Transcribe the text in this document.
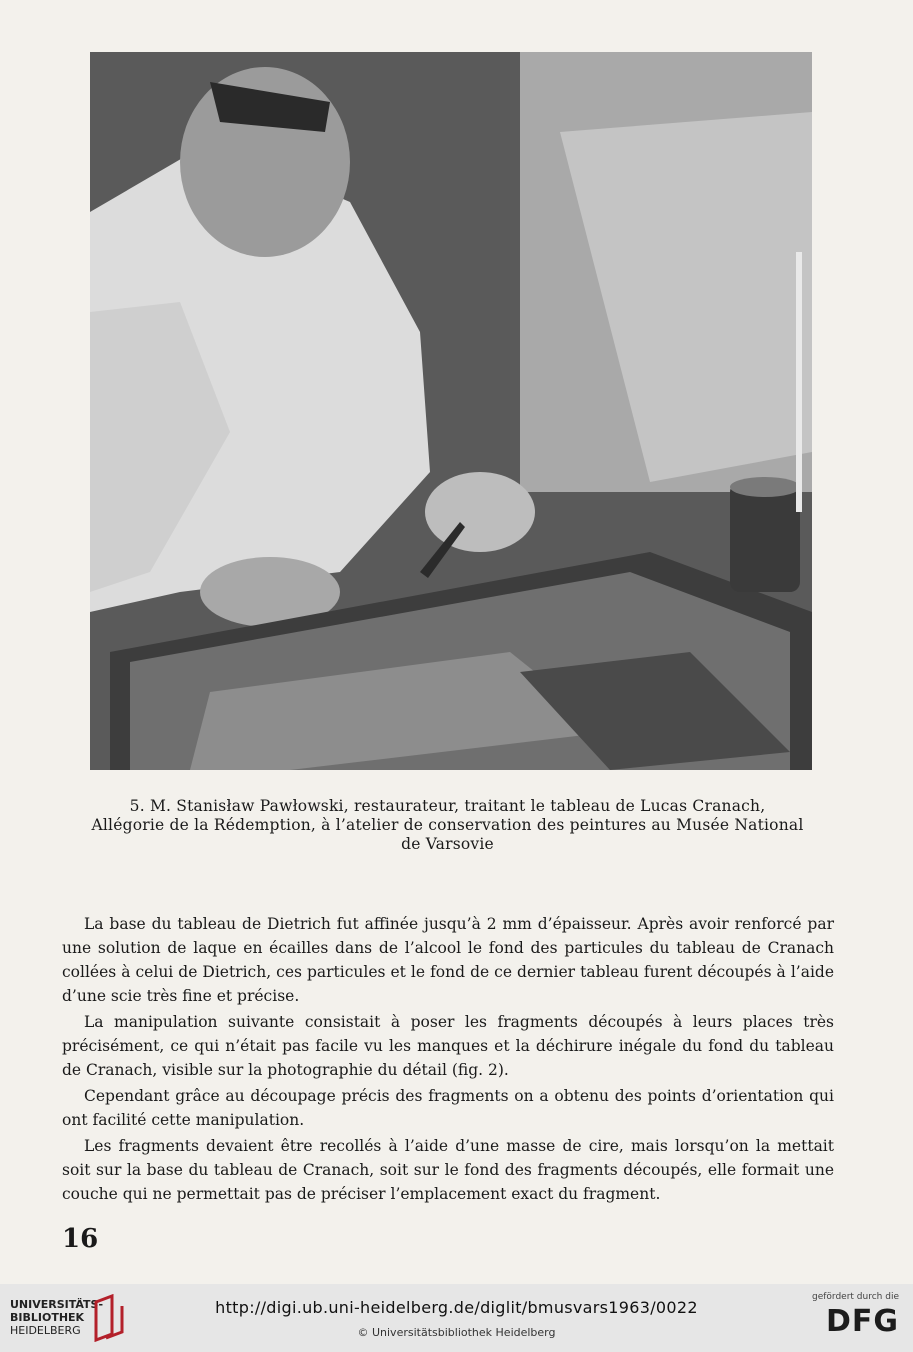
5. M. Stanisław Pawłowski, restaurateur, traitant le tableau de Lucas Cranach,
Allégorie de la Rédemption, à l’atelier de conservation des peintures au Musée National
de Varsovie

La base du tableau de Dietrich fut affinée jusqu’à 2 mm d’épaisseur. Après avoir renforcé par une solution de laque en écailles dans de l’alcool le fond des particules du tableau de Cranach collées à celui de Dietrich, ces particules et le fond de ce dernier tableau furent découpés à l’aide d’une scie très fine et précise.

La manipulation suivante consistait à poser les fragments découpés à leurs places très précisément, ce qui n’était pas facile vu les manques et la déchirure inégale du fond du tableau de Cranach, visible sur la photographie du détail (fig. 2).

Cependant grâce au découpage précis des fragments on a obtenu des points d’orientation qui ont facilité cette manipulation.

Les fragments devaient être recollés à l’aide d’une masse de cire, mais lorsqu’on la mettait soit sur la base du tableau de Cranach, soit sur le fond des fragments découpés, elle formait une couche qui ne permettait pas de préciser l’emplacement exact du fragment.

16
UNIVERSITÄTS-
BIBLIOTHEK
HEIDELBERG
http://digi.ub.uni-heidelberg.de/diglit/bmusvars1963/0022
© Universitätsbibliothek Heidelberg
gefördert durch die
DFG
